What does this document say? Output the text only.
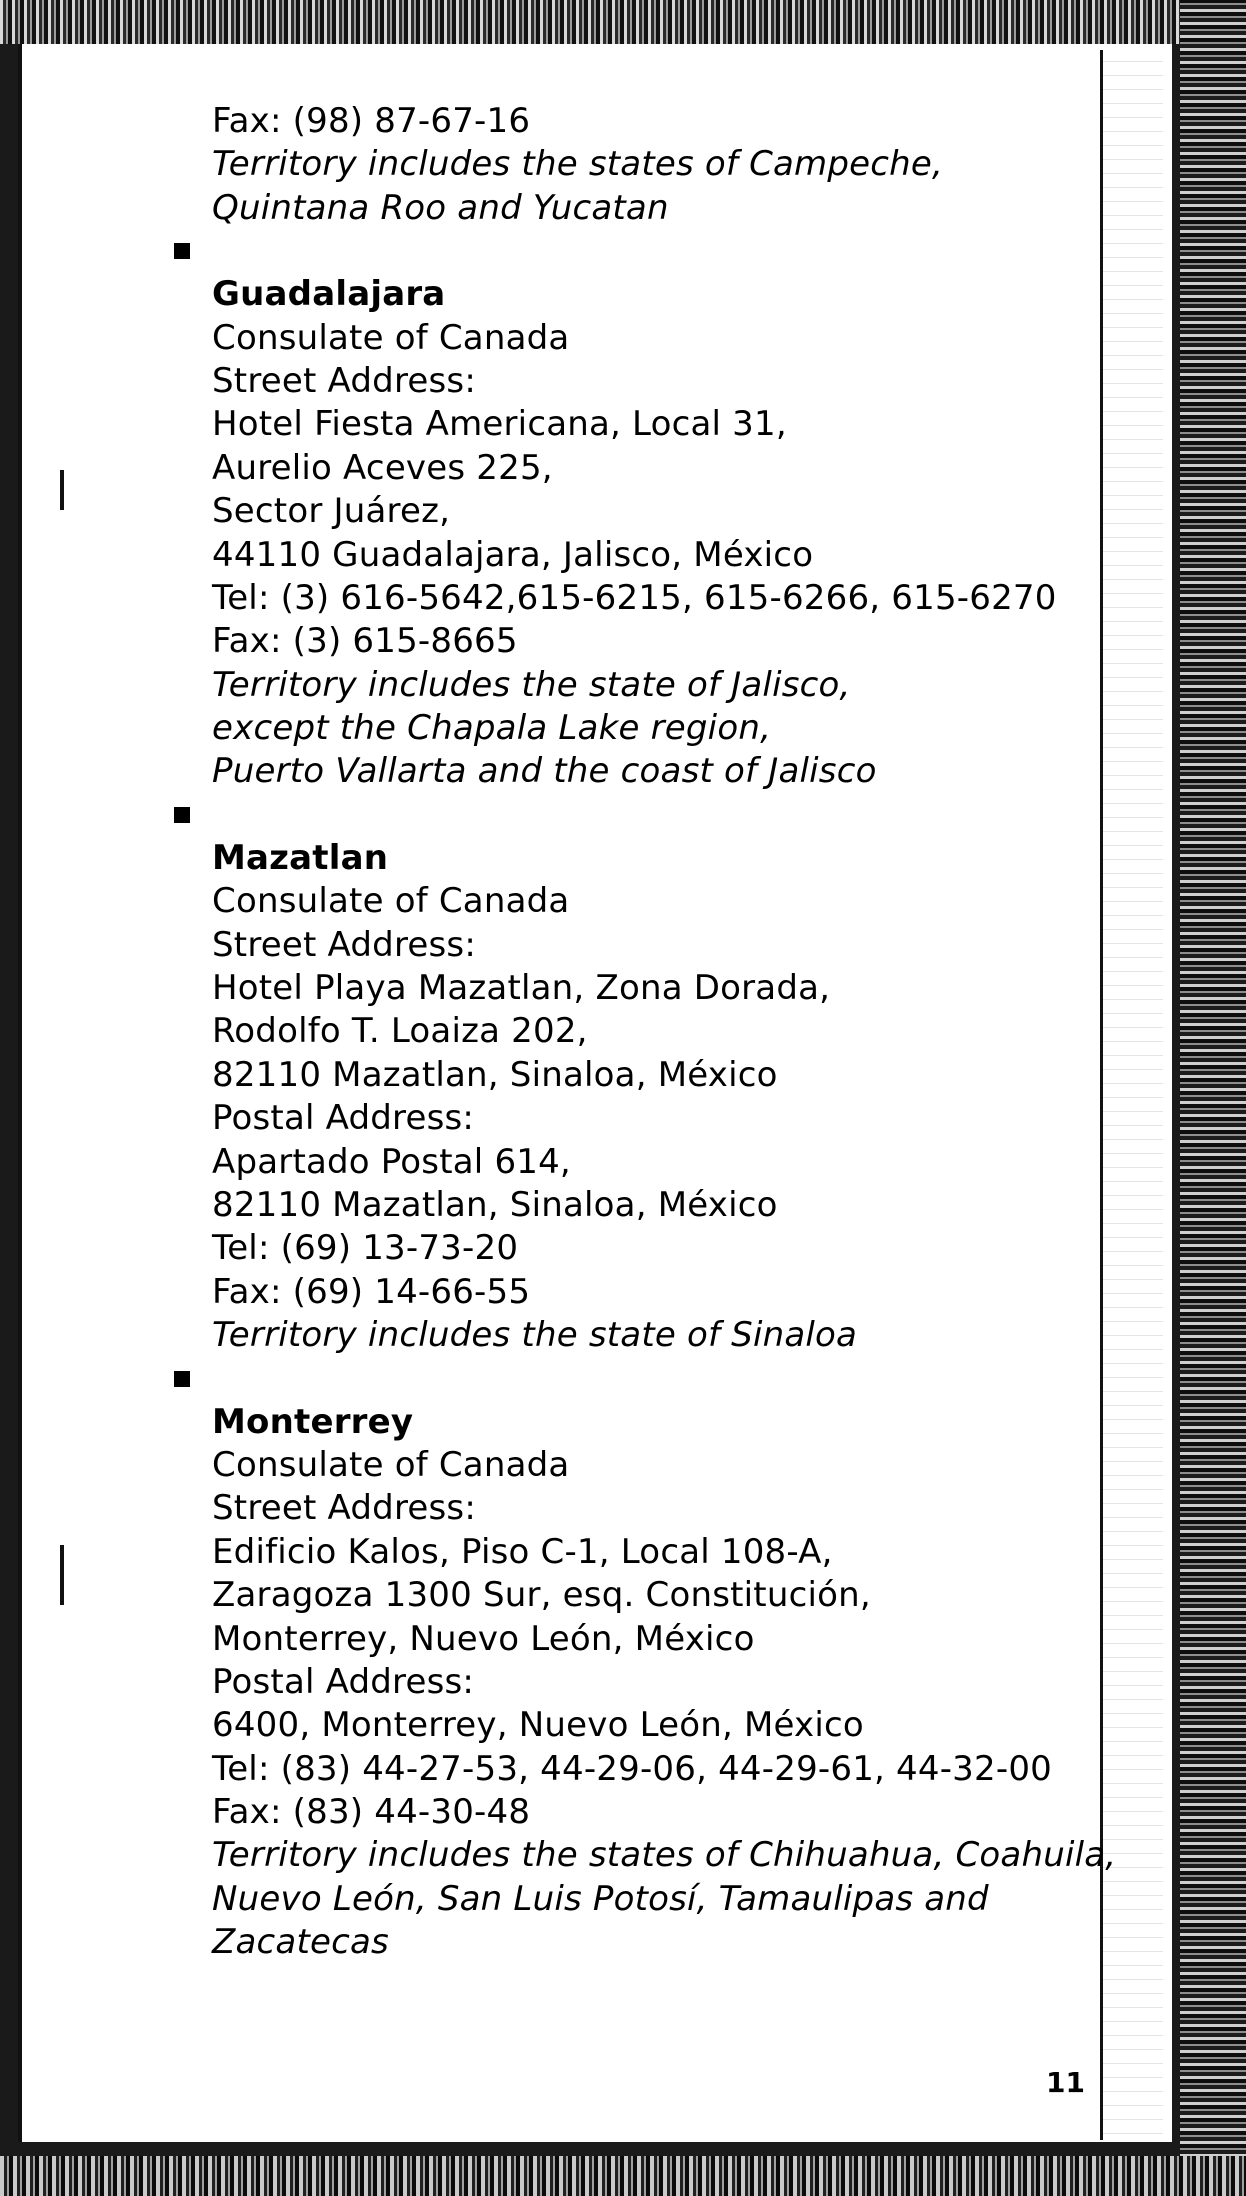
Fax: (98) 87-67-16
Territory includes the states of Campeche,
Quintana Roo and Yucatan
Guadalajara
Consulate of Canada
Street Address:
Hotel Fiesta Americana, Local 31,
Aurelio Aceves 225,
Sector Juárez,
44110 Guadalajara, Jalisco, México
Tel: (3) 616-5642,615-6215, 615-6266, 615-6270
Fax: (3) 615-8665
Territory includes the state of Jalisco,
except the Chapala Lake region,
Puerto Vallarta and the coast of Jalisco
Mazatlan
Consulate of Canada
Street Address:
Hotel Playa Mazatlan, Zona Dorada,
Rodolfo T. Loaiza 202,
82110 Mazatlan, Sinaloa, México
Postal Address:
Apartado Postal 614,
82110 Mazatlan, Sinaloa, México
Tel: (69) 13-73-20
Fax: (69) 14-66-55
Territory includes the state of Sinaloa
Monterrey
Consulate of Canada
Street Address:
Edificio Kalos, Piso C-1, Local 108-A,
Zaragoza 1300 Sur, esq. Constitución,
Monterrey, Nuevo León, México
Postal Address:
6400, Monterrey, Nuevo León, México
Tel: (83) 44-27-53, 44-29-06, 44-29-61, 44-32-00
Fax: (83) 44-30-48
Territory includes the states of Chihuahua, Coahuila,
Nuevo León, San Luis Potosí, Tamaulipas and
Zacatecas
11
